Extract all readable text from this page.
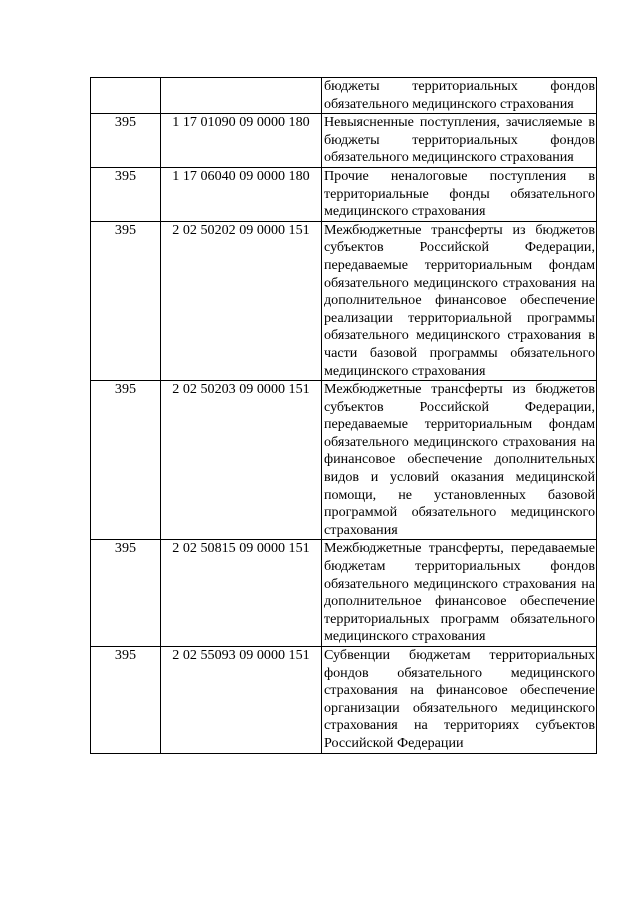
		бюджеты территориальных фондов обязательного медицинского страхования
395	1 17 01090 09 0000 180	Невыясненные поступления, зачисляемые в бюджеты территориальных фондов обязательного медицинского страхования
395	1 17 06040 09 0000 180	Прочие неналоговые поступления в территориальные фонды обязательного медицинского страхования
395	2 02 50202 09 0000 151	Межбюджетные трансферты из бюджетов субъектов Российской Федерации, передаваемые территориальным фондам обязательного медицинского страхования на дополнительное финансовое обеспечение реализации территориальной программы обязательного медицинского страхования в части базовой программы обязательного медицинского страхования
395	2 02 50203 09 0000 151	Межбюджетные трансферты из бюджетов субъектов Российской Федерации, передаваемые территориальным фондам обязательного медицинского страхования на финансовое обеспечение дополнительных видов и условий оказания медицинской помощи, не установленных базовой программой обязательного медицинского страхования
395	2 02 50815 09 0000 151	Межбюджетные трансферты, передаваемые бюджетам территориальных фондов обязательного медицинского страхования на дополнительное финансовое обеспечение территориальных программ обязательного медицинского страхования
395	2 02 55093 09 0000 151	Субвенции бюджетам территориальных фондов обязательного медицинского страхования на финансовое обеспечение организации обязательного медицинского страхования на территориях субъектов Российской Федерации
